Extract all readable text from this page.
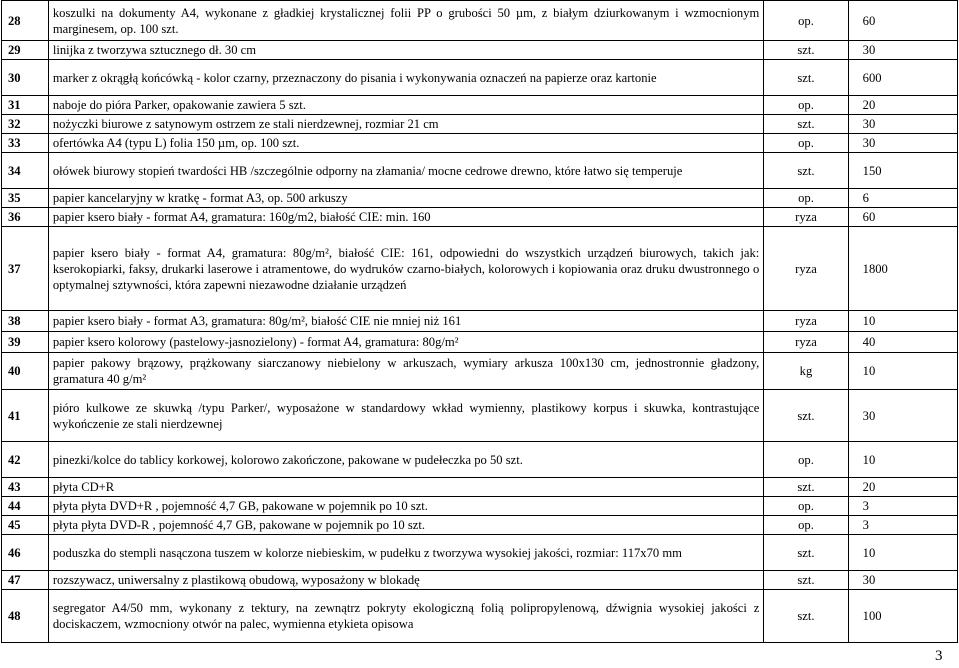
28	koszulki na dokumenty A4, wykonane z gładkiej krystalicznej folii PP o grubości 50 µm, z białym dziurkowanym i wzmocnionym marginesem, op. 100 szt.	op.	60
29	linijka z tworzywa sztucznego dł. 30 cm	szt.	30
30	marker z okrągłą końcówką - kolor czarny, przeznaczony do pisania i wykonywania oznaczeń na papierze oraz kartonie	szt.	600
31	naboje do pióra Parker, opakowanie zawiera 5 szt.	op.	20
32	nożyczki biurowe z satynowym ostrzem ze stali nierdzewnej, rozmiar 21 cm	szt.	30
33	ofertówka A4 (typu L) folia 150 µm, op. 100 szt.	op.	30
34	ołówek biurowy stopień twardości HB /szczególnie odporny na złamania/ mocne cedrowe drewno, które łatwo się temperuje	szt.	150
35	papier kancelaryjny w kratkę - format A3, op. 500 arkuszy	op.	6
36	papier ksero biały - format A4, gramatura: 160g/m2, białość CIE: min. 160	ryza	60
37	papier ksero biały - format A4, gramatura: 80g/m², białość CIE: 161, odpowiedni do wszystkich urządzeń biurowych, takich jak: kserokopiarki, faksy, drukarki laserowe i atramentowe, do wydruków czarno-białych, kolorowych i kopiowania oraz druku dwustronnego o optymalnej sztywności, która zapewni niezawodne działanie urządzeń	ryza	1800
38	papier ksero biały - format A3, gramatura: 80g/m², białość CIE nie mniej niż 161	ryza	10
39	papier ksero kolorowy (pastelowy-jasnozielony) - format A4, gramatura: 80g/m²	ryza	40
40	papier pakowy brązowy, prążkowany siarczanowy niebielony w arkuszach, wymiary arkusza 100x130 cm, jednostronnie gładzony, gramatura 40 g/m²	kg	10
41	pióro kulkowe ze skuwką /typu Parker/, wyposażone w standardowy wkład wymienny, plastikowy korpus i skuwka, kontrastujące wykończenie ze stali nierdzewnej	szt.	30
42	pinezki/kolce do tablicy korkowej, kolorowo zakończone, pakowane w pudełeczka po 50 szt.	op.	10
43	płyta CD+R	szt.	20
44	płyta płyta DVD+R , pojemność 4,7 GB, pakowane w pojemnik po 10 szt.	op.	3
45	płyta płyta DVD-R , pojemność 4,7 GB, pakowane w pojemnik po 10 szt.	op.	3
46	poduszka do stempli nasączona tuszem w kolorze niebieskim, w pudełku z tworzywa wysokiej jakości, rozmiar: 117x70 mm	szt.	10
47	rozszywacz, uniwersalny z plastikową obudową, wyposażony w blokadę	szt.	30
48	segregator A4/50 mm, wykonany z tektury, na zewnątrz pokryty ekologiczną folią polipropylenową, dźwignia wysokiej jakości z dociskaczem, wzmocniony otwór na palec, wymienna etykieta opisowa	szt.	100
3
